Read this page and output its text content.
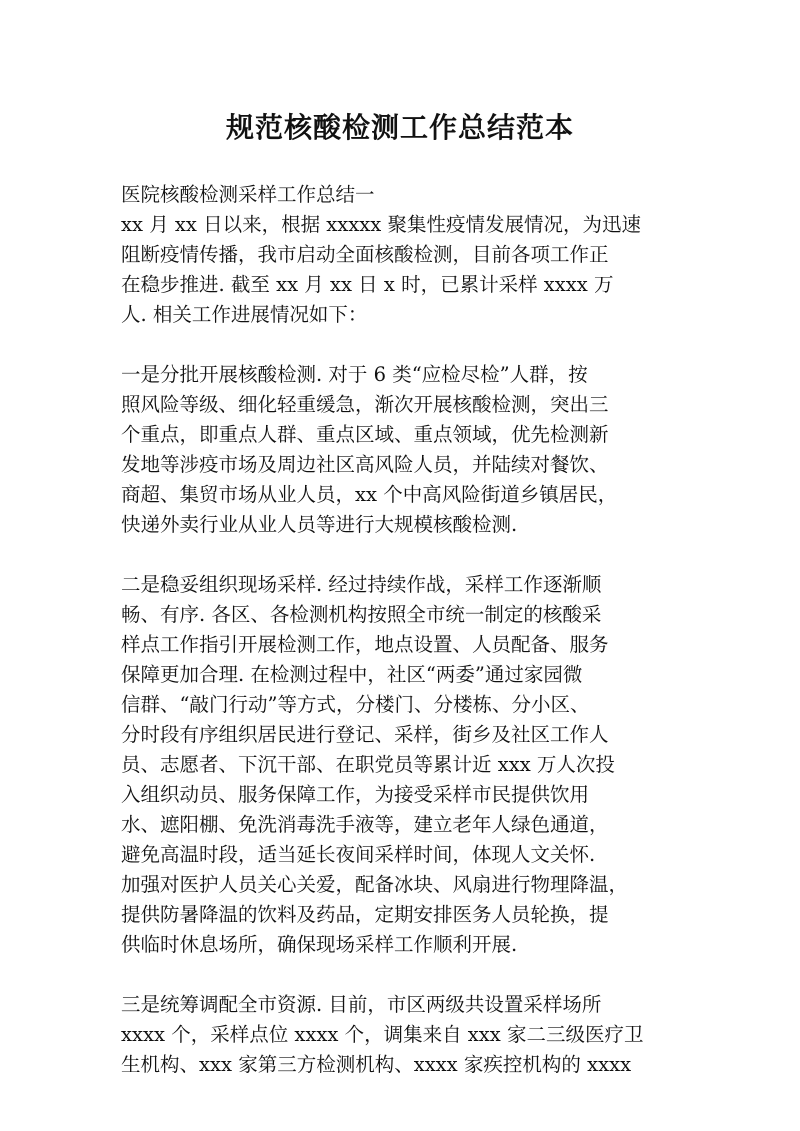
规范核酸检测工作总结范本
医院核酸检测采样工作总结一
xx 月 xx 日以来，根据 xxxxx 聚集性疫情发展情况，为迅速
阻断疫情传播，我市启动全面核酸检测，目前各项工作正
在稳步推进. 截至 xx 月 xx 日 x 时，已累计采样 xxxx 万
人. 相关工作进展情况如下：
一是分批开展核酸检测. 对于 6 类“应检尽检”人群，按
照风险等级、细化轻重缓急，渐次开展核酸检测，突出三
个重点，即重点人群、重点区域、重点领域，优先检测新
发地等涉疫市场及周边社区高风险人员，并陆续对餐饮、
商超、集贸市场从业人员，xx 个中高风险街道乡镇居民，
快递外卖行业从业人员等进行大规模核酸检测.
二是稳妥组织现场采样. 经过持续作战，采样工作逐渐顺
畅、有序. 各区、各检测机构按照全市统一制定的核酸采
样点工作指引开展检测工作，地点设置、人员配备、服务
保障更加合理. 在检测过程中，社区“两委”通过家园微
信群、“敲门行动”等方式，分楼门、分楼栋、分小区、
分时段有序组织居民进行登记、采样，街乡及社区工作人
员、志愿者、下沉干部、在职党员等累计近 xxx 万人次投
入组织动员、服务保障工作，为接受采样市民提供饮用
水、遮阳棚、免洗消毒洗手液等，建立老年人绿色通道，
避免高温时段，适当延长夜间采样时间，体现人文关怀.
加强对医护人员关心关爱，配备冰块、风扇进行物理降温，
提供防暑降温的饮料及药品，定期安排医务人员轮换，提
供临时休息场所，确保现场采样工作顺利开展.
三是统筹调配全市资源. 目前，市区两级共设置采样场所
xxxx 个，采样点位 xxxx 个，调集来自 xxx 家二三级医疗卫
生机构、xxx 家第三方检测机构、xxxx 家疾控机构的 xxxx
